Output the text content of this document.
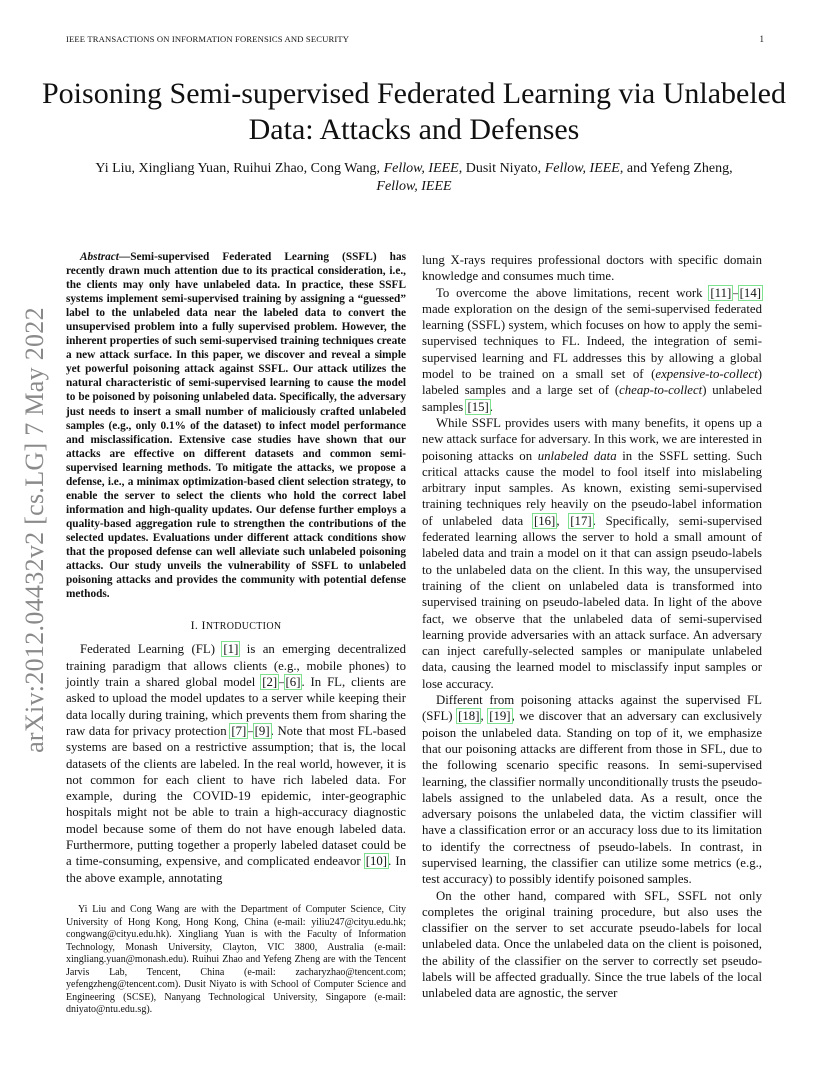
IEEE TRANSACTIONS ON INFORMATION FORENSICS AND SECURITY	1
Poisoning Semi-supervised Federated Learning via Unlabeled Data: Attacks and Defenses
Yi Liu, Xingliang Yuan, Ruihui Zhao, Cong Wang, Fellow, IEEE, Dusit Niyato, Fellow, IEEE, and Yefeng Zheng, Fellow, IEEE
arXiv:2012.04432v2 [cs.LG] 7 May 2022

Abstract—Semi-supervised Federated Learning (SSFL) has recently drawn much attention due to its practical consideration, i.e., the clients may only have unlabeled data. In practice, these SSFL systems implement semi-supervised training by assigning a “guessed” label to the unlabeled data near the labeled data to convert the unsupervised problem into a fully supervised problem. However, the inherent properties of such semi-supervised training techniques create a new attack surface. In this paper, we discover and reveal a simple yet powerful poisoning attack against SSFL. Our attack utilizes the natural characteristic of semi-supervised learning to cause the model to be poisoned by poisoning unlabeled data. Specifically, the adversary just needs to insert a small number of maliciously crafted unlabeled samples (e.g., only 0.1% of the dataset) to infect model performance and misclassification. Extensive case studies have shown that our attacks are effective on different datasets and common semi-supervised learning methods. To mitigate the attacks, we propose a defense, i.e., a minimax optimization-based client selection strategy, to enable the server to select the clients who hold the correct label information and high-quality updates. Our defense further employs a quality-based aggregation rule to strengthen the contributions of the selected updates. Evaluations under different attack conditions show that the proposed defense can well alleviate such unlabeled poisoning attacks. Our study unveils the vulnerability of SSFL to unlabeled poisoning attacks and provides the community with potential defense methods.

I. INTRODUCTION

Federated Learning (FL) [1] is an emerging decentralized training paradigm that allows clients (e.g., mobile phones) to jointly train a shared global model [2]–[6]. In FL, clients are asked to upload the model updates to a server while keeping their data locally during training, which prevents them from sharing the raw data for privacy protection [7]–[9]. Note that most FL-based systems are based on a restrictive assumption; that is, the local datasets of the clients are labeled. In the real world, however, it is not common for each client to have rich labeled data. For example, during the COVID-19 epidemic, inter-geographic hospitals might not be able to train a high-accuracy diagnostic model because some of them do not have enough labeled data. Furthermore, putting together a properly labeled dataset could be a time-consuming, expensive, and complicated endeavor [10]. In the above example, annotating

Yi Liu and Cong Wang are with the Department of Computer Science, City University of Hong Kong, Hong Kong, China (e-mail: yiliu247@cityu.edu.hk; congwang@cityu.edu.hk). Xingliang Yuan is with the Faculty of Information Technology, Monash University, Clayton, VIC 3800, Australia (e-mail: xingliang.yuan@monash.edu). Ruihui Zhao and Yefeng Zheng are with the Tencent Jarvis Lab, Tencent, China (e-mail: zacharyzhao@tencent.com; yefengzheng@tencent.com). Dusit Niyato is with School of Computer Science and Engineering (SCSE), Nanyang Technological University, Singapore (e-mail: dniyato@ntu.edu.sg).

lung X-rays requires professional doctors with specific domain knowledge and consumes much time.

To overcome the above limitations, recent work [11]–[14] made exploration on the design of the semi-supervised federated learning (SSFL) system, which focuses on how to apply the semi-supervised techniques to FL. Indeed, the integration of semi-supervised learning and FL addresses this by allowing a global model to be trained on a small set of (expensive-to-collect) labeled samples and a large set of (cheap-to-collect) unlabeled samples [15].

While SSFL provides users with many benefits, it opens up a new attack surface for adversary. In this work, we are interested in poisoning attacks on unlabeled data in the SSFL setting. Such critical attacks cause the model to fool itself into mislabeling arbitrary input samples. As known, existing semi-supervised training techniques rely heavily on the pseudo-label information of unlabeled data [16], [17]. Specifically, semi-supervised federated learning allows the server to hold a small amount of labeled data and train a model on it that can assign pseudo-labels to the unlabeled data on the client. In this way, the unsupervised training of the client on unlabeled data is transformed into supervised training on pseudo-labeled data. In light of the above fact, we observe that the unlabeled data of semi-supervised learning provide adversaries with an attack surface. An adversary can inject carefully-selected samples or manipulate unlabeled data, causing the learned model to misclassify input samples or lose accuracy.

Different from poisoning attacks against the supervised FL (SFL) [18], [19], we discover that an adversary can exclusively poison the unlabeled data. Standing on top of it, we emphasize that our poisoning attacks are different from those in SFL, due to the following scenario specific reasons. In semi-supervised learning, the classifier normally unconditionally trusts the pseudo-labels assigned to the unlabeled data. As a result, once the adversary poisons the unlabeled data, the victim classifier will have a classification error or an accuracy loss due to its limitation to identify the correctness of pseudo-labels. In contrast, in supervised learning, the classifier can utilize some metrics (e.g., test accuracy) to possibly identify poisoned samples.

On the other hand, compared with SFL, SSFL not only completes the original training procedure, but also uses the classifier on the server to set accurate pseudo-labels for local unlabeled data. Once the unlabeled data on the client is poisoned, the ability of the classifier on the server to correctly set pseudo-labels will be affected gradually. Since the true labels of the local unlabeled data are agnostic, the server
